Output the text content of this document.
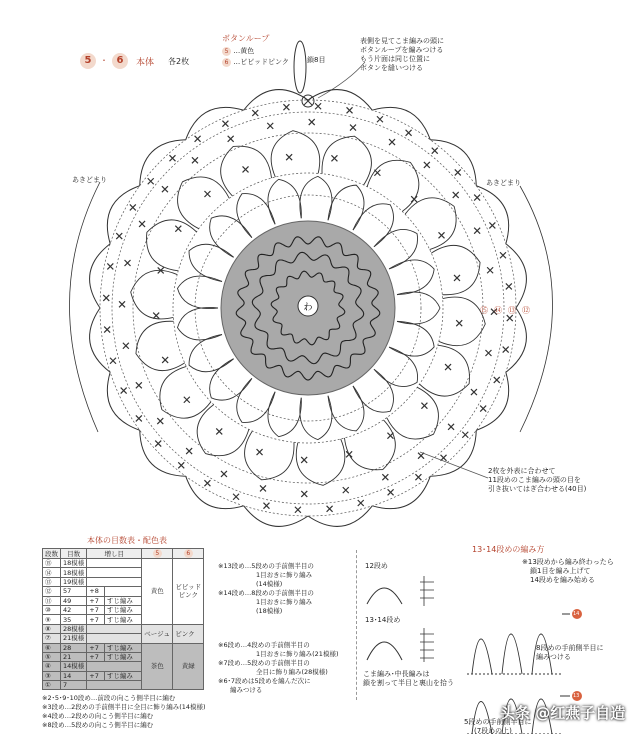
5	・ 6	本体 各2枚
ボタンループ
5 …黄色
6 …ビビッドピンク	鎖8目
表側を見てこま編みの頭に
ボタンループを編みつける
もう片面は同じ位置に
ボタンを縫いつける
あきどまり	あきどまり
わ	⑮ ⑭ ⑬ ⑫
2枚を外表に合わせて
11段めのこま編みの頭の目を
引き抜いてはぎ合わせる(40目)
本体の目数表・配色表
段数	目数	増し目		5	6
⑮	18模様			黄色	ビビッドピンク
⑭	18模様				
⑬	19模様				
⑫	57	+8			
⑪	49	+7	すじ編み		
⑩	42	+7	すじ編み		
⑨	35	+7	すじ編み		
⑧	28模様			ベージュ	ピンク
⑦	21模様				
⑥	28	+7	すじ編み	茶色	黄緑
⑤	21	+7	すじ編み		
④	14模様				
③	14	+7	すじ編み		
①	7				
※2･5･9･10段め…前段の向こう側半目に編む
※3段め…2段めの手前側半目に全目に飾り編み(14模様)
※4段め…2段めの向こう側半目に編む
※8段め…5段めの向こう側半目に編む
※13段め…5段めの手前側半目の
1目おきに飾り編み
(14模様)
※14段め…8段めの手前側半目の
1目おきに飾り編み
(18模様)
※6段め…4段めの手前側半目の
1目おきに飾り編み(21模様)
※7段め…5段めの手前側半目の
全目に飾り編み(28模様)
※6･7段めは5段めを編んだ次に
編みつける
12段め
13･14段め
こま編み･中長編みは
鎖を割って半目と裏山を拾う
13･14段めの編み方
※13段めから編み終わったら
鎖1目を編み上げて
14段めを編み始める
14
13
8段めの手前側半目に
編みつける
5段めの手前側半目に
(7段めの上)
头条 @红燕子自造
